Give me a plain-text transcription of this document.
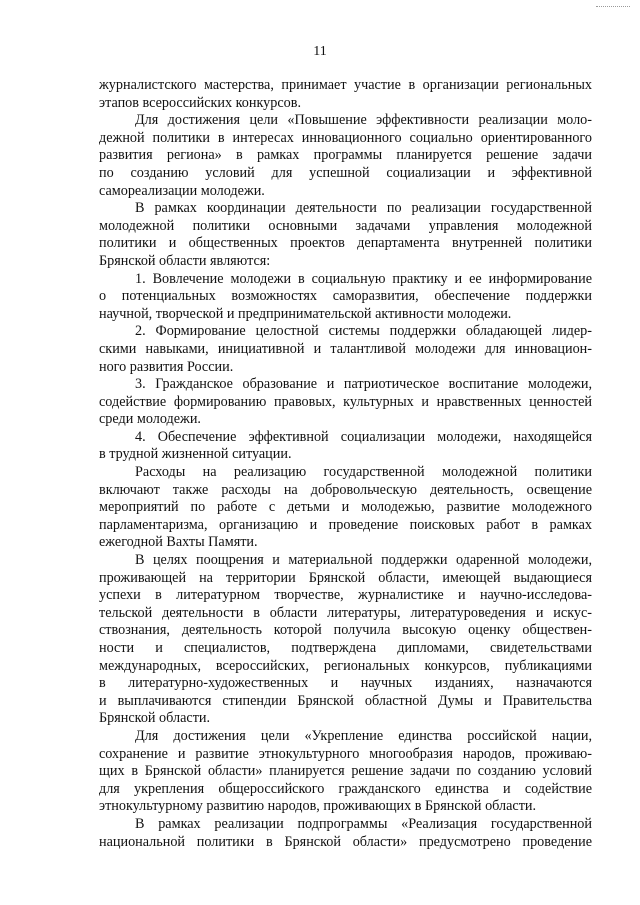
11
журналистского мастерства, принимает участие в организации региональных
этапов всероссийских конкурсов.
Для достижения цели «Повышение эффективности реализации моло-
дежной политики в интересах инновационного социально ориентированного
развития региона» в рамках программы планируется решение задачи
по созданию условий для успешной социализации и эффективной
самореализации молодежи.
В рамках координации деятельности по реализации государственной
молодежной политики основными задачами управления молодежной
политики и общественных проектов департамента внутренней политики
Брянской области являются:
1. Вовлечение молодежи в социальную практику и ее информирование
о потенциальных возможностях саморазвития, обеспечение поддержки
научной, творческой и предпринимательской активности молодежи.
2. Формирование целостной системы поддержки обладающей лидер-
скими навыками, инициативной и талантливой молодежи для инновацион-
ного развития России.
3. Гражданское образование и патриотическое воспитание молодежи,
содействие формированию правовых, культурных и нравственных ценностей
среди молодежи.
4. Обеспечение эффективной социализации молодежи, находящейся
в трудной жизненной ситуации.
Расходы на реализацию государственной молодежной политики
включают также расходы на добровольческую деятельность, освещение
мероприятий по работе с детьми и молодежью, развитие молодежного
парламентаризма, организацию и проведение поисковых работ в рамках
ежегодной Вахты Памяти.
В целях поощрения и материальной поддержки одаренной молодежи,
проживающей на территории Брянской области, имеющей выдающиеся
успехи в литературном творчестве, журналистике и научно-исследова-
тельской деятельности в области литературы, литературоведения и искус-
ствознания, деятельность которой получила высокую оценку обществен-
ности и специалистов, подтверждена дипломами, свидетельствами
международных, всероссийских, региональных конкурсов, публикациями
в литературно-художественных и научных изданиях, назначаются
и выплачиваются стипендии Брянской областной Думы и Правительства
Брянской области.
Для достижения цели «Укрепление единства российской нации,
сохранение и развитие этнокультурного многообразия народов, проживаю-
щих в Брянской области» планируется решение задачи по созданию условий
для укрепления общероссийского гражданского единства и содействие
этнокультурному развитию народов, проживающих в Брянской области.
В рамках реализации подпрограммы «Реализация государственной
национальной политики в Брянской области» предусмотрено проведение
